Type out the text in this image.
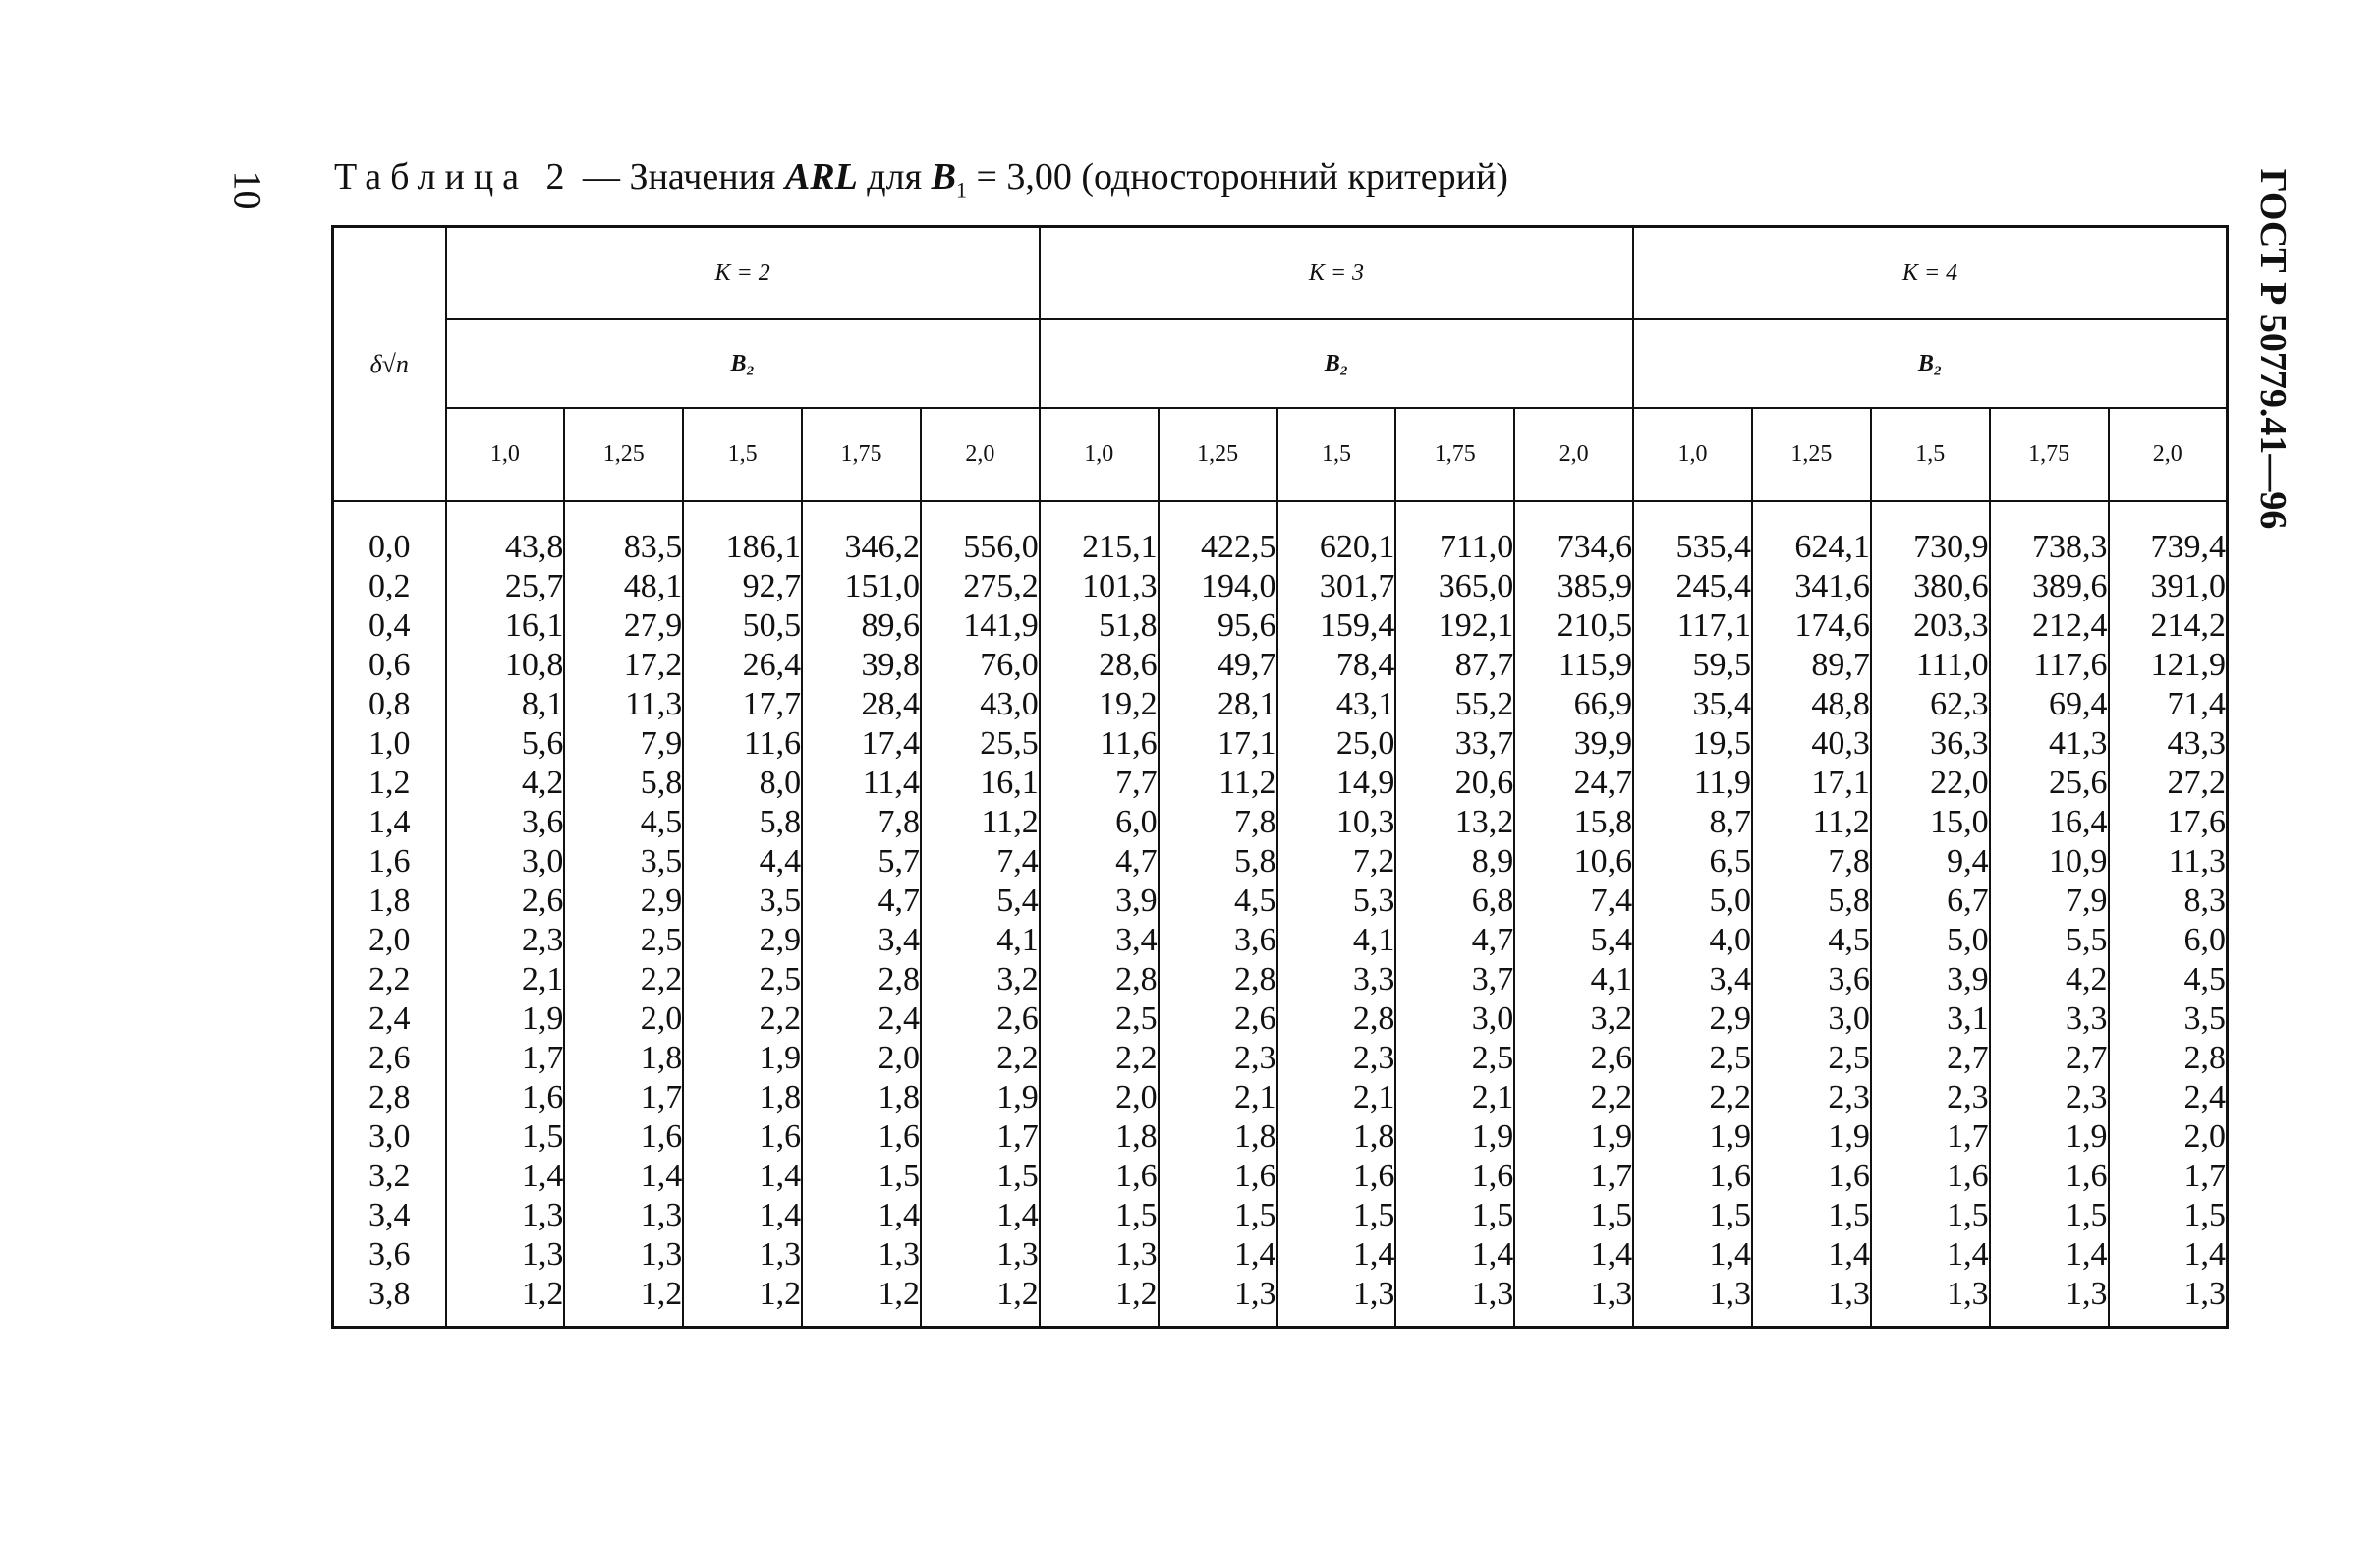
10	ГОСТ Р 50779.41—96
Таблица 2 — Значения ARL для $B_1 = 3,00$ (односторонний критерий)
δ√n	K = 2					K = 3					K = 4				
	B₂					B₂					B₂				
	1,0	1,25	1,5	1,75	2,0	1,0	1,25	1,5	1,75	2,0	1,0	1,25	1,5	1,75	2,0
0,0	43,8	83,5	186,1	346,2	556,0	215,1	422,5	620,1	711,0	734,6	535,4	624,1	730,9	738,3	739,4
0,2	25,7	48,1	92,7	151,0	275,2	101,3	194,0	301,7	365,0	385,9	245,4	341,6	380,6	389,6	391,0
0,4	16,1	27,9	50,5	89,6	141,9	51,8	95,6	159,4	192,1	210,5	117,1	174,6	203,3	212,4	214,2
0,6	10,8	17,2	26,4	39,8	76,0	28,6	49,7	78,4	87,7	115,9	59,5	89,7	111,0	117,6	121,9
0,8	8,1	11,3	17,7	28,4	43,0	19,2	28,1	43,1	55,2	66,9	35,4	48,8	62,3	69,4	71,4
1,0	5,6	7,9	11,6	17,4	25,5	11,6	17,1	25,0	33,7	39,9	19,5	40,3	36,3	41,3	43,3
1,2	4,2	5,8	8,0	11,4	16,1	7,7	11,2	14,9	20,6	24,7	11,9	17,1	22,0	25,6	27,2
1,4	3,6	4,5	5,8	7,8	11,2	6,0	7,8	10,3	13,2	15,8	8,7	11,2	15,0	16,4	17,6
1,6	3,0	3,5	4,4	5,7	7,4	4,7	5,8	7,2	8,9	10,6	6,5	7,8	9,4	10,9	11,3
1,8	2,6	2,9	3,5	4,7	5,4	3,9	4,5	5,3	6,8	7,4	5,0	5,8	6,7	7,9	8,3
2,0	2,3	2,5	2,9	3,4	4,1	3,4	3,6	4,1	4,7	5,4	4,0	4,5	5,0	5,5	6,0
2,2	2,1	2,2	2,5	2,8	3,2	2,8	2,8	3,3	3,7	4,1	3,4	3,6	3,9	4,2	4,5
2,4	1,9	2,0	2,2	2,4	2,6	2,5	2,6	2,8	3,0	3,2	2,9	3,0	3,1	3,3	3,5
2,6	1,7	1,8	1,9	2,0	2,2	2,2	2,3	2,3	2,5	2,6	2,5	2,5	2,7	2,7	2,8
2,8	1,6	1,7	1,8	1,8	1,9	2,0	2,1	2,1	2,1	2,2	2,2	2,3	2,3	2,3	2,4
3,0	1,5	1,6	1,6	1,6	1,7	1,8	1,8	1,8	1,9	1,9	1,9	1,9	1,7	1,9	2,0
3,2	1,4	1,4	1,4	1,5	1,5	1,6	1,6	1,6	1,6	1,7	1,6	1,6	1,6	1,6	1,7
3,4	1,3	1,3	1,4	1,4	1,4	1,5	1,5	1,5	1,5	1,5	1,5	1,5	1,5	1,5	1,5
3,6	1,3	1,3	1,3	1,3	1,3	1,3	1,4	1,4	1,4	1,4	1,4	1,4	1,4	1,4	1,4
3,8	1,2	1,2	1,2	1,2	1,2	1,2	1,3	1,3	1,3	1,3	1,3	1,3	1,3	1,3	1,3
